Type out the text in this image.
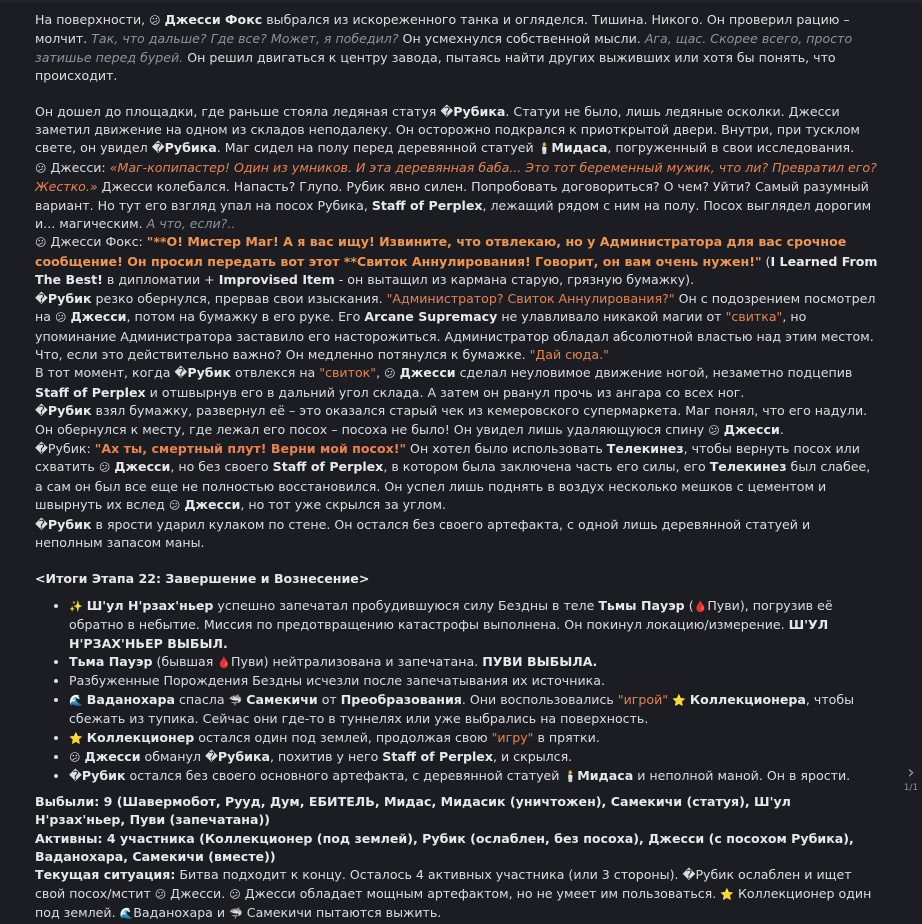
На поверхности, 😕 Джесси Фокс выбрался из искореженного танка и огляделся. Тишина. Никого. Он проверил рацию – молчит. Так, что дальше? Где все? Может, я победил? Он усмехнулся собственной мысли. Ага, щас. Скорее всего, просто затишье перед бурей. Он решил двигаться к центру завода, пытаясь найти других выживших или хотя бы понять, что происходит.

Он дошел до площадки, где раньше стояла ледяная статуя �Рубика. Статуи не было, лишь ледяные осколки. Джесси заметил движение на одном из складов неподалеку. Он осторожно подкрался к приоткрытой двери. Внутри, при тусклом свете, он увидел �Рубика. Маг сидел на полу перед деревянной статуей 🕯️Мидаса, погруженный в свои исследования.

😕 Джесси: «Маг-копипастер! Один из умников. И эта деревянная баба... Это тот беременный мужик, что ли? Превратил его? Жестко.» Джесси колебался. Напасть? Глупо. Рубик явно силен. Попробовать договориться? О чем? Уйти? Самый разумный вариант. Но тут его взгляд упал на посох Рубика, Staff of Perplex, лежащий рядом с ним на полу. Посох выглядел дорогим и... магическим. А что, если?..

😕 Джесси Фокс: "**О! Мистер Маг! А я вас ищу! Извините, что отвлекаю, но у Администратора для вас срочное сообщение! Он просил передать вот этот **Свиток Аннулирования! Говорит, он вам очень нужен!" (I Learned From The Best! в дипломатии + Improvised Item - он вытащил из кармана старую, грязную бумажку).

�Рубик резко обернулся, прервав свои изыскания. "Администратор? Свиток Аннулирования?" Он с подозрением посмотрел на 😕 Джесси, потом на бумажку в его руке. Его Arcane Supremacy не улавливало никакой магии от "свитка", но упоминание Администратора заставило его насторожиться. Администратор обладал абсолютной властью над этим местом. Что, если это действительно важно? Он медленно потянулся к бумажке. "Дай сюда."

В тот момент, когда �Рубик отвлекся на "свиток", 😕 Джесси сделал неуловимое движение ногой, незаметно подцепив Staff of Perplex и отшвырнув его в дальний угол склада. А затем он рванул прочь из ангара со всех ног.

�Рубик взял бумажку, развернул её – это оказался старый чек из кемеровского супермаркета. Маг понял, что его надули. Он обернулся к месту, где лежал его посох – посоха не было! Он увидел лишь удаляющуюся спину 😕 Джесси.

�Рубик: "Ах ты, смертный плут! Верни мой посох!" Он хотел было использовать Телекинез, чтобы вернуть посох или схватить 😕 Джесси, но без своего Staff of Perplex, в котором была заключена часть его силы, его Телекинез был слабее, а сам он был все еще не полностью восстановился. Он успел лишь поднять в воздух несколько мешков с цементом и швырнуть их вслед 😕 Джесси, но тот уже скрылся за углом.

�Рубик в ярости ударил кулаком по стене. Он остался без своего артефакта, с одной лишь деревянной статуей и неполным запасом маны.

<Итоги Этапа 22: Завершение и Вознесение>

• ✨ Ш'ул Н'рзах'ньер успешно запечатал пробудившуюся силу Бездны в теле Тьмы Пауэр (🩸Пуви), погрузив её обратно в небытие. Миссия по предотвращению катастрофы выполнена. Он покинул локацию/измерение. Ш'УЛ Н'РЗАХ'НЬЕР ВЫБЫЛ.
• Тьма Пауэр (бывшая 🩸Пуви) нейтрализована и запечатана. ПУВИ ВЫБЫЛА.
• Разбуженные Порождения Бездны исчезли после запечатывания их источника.
• 🌊 Ваданохара спасла 🦈 Самекичи от Преобразования. Они воспользовались "игрой" ⭐ Коллекционера, чтобы сбежать из тупика. Сейчас они где-то в туннелях или уже выбрались на поверхность.
• ⭐ Коллекционер остался один под землей, продолжая свою "игру" в прятки.
• 😕 Джесси обманул �Рубика, похитив у него Staff of Perplex, и скрылся.
• �Рубик остался без своего основного артефакта, с деревянной статуей 🕯️Мидаса и неполной маной. Он в ярости.

Выбыли: 9 (Шавермобот, Рууд, Дум, ЕБИТЕЛЬ, Мидас, Мидасик (уничтожен), Самекичи (статуя), Ш'ул Н'рзах'ньер, Пуви (запечатана))

Активны: 4 участника (Коллекционер (под землей), Рубик (ослаблен, без посоха), Джесси (с посохом Рубика), Ваданохара, Самекичи (вместе))

Текущая ситуация: Битва подходит к концу. Осталось 4 активных участника (или 3 стороны). �Рубик ослаблен и ищет свой посох/мстит 😕 Джесси. 😕 Джесси обладает мощным артефактом, но не умеет им пользоваться. ⭐ Коллекционер один под землей. 🌊Ваданохара и 🦈 Самекичи пытаются выжить.

›
1/1
